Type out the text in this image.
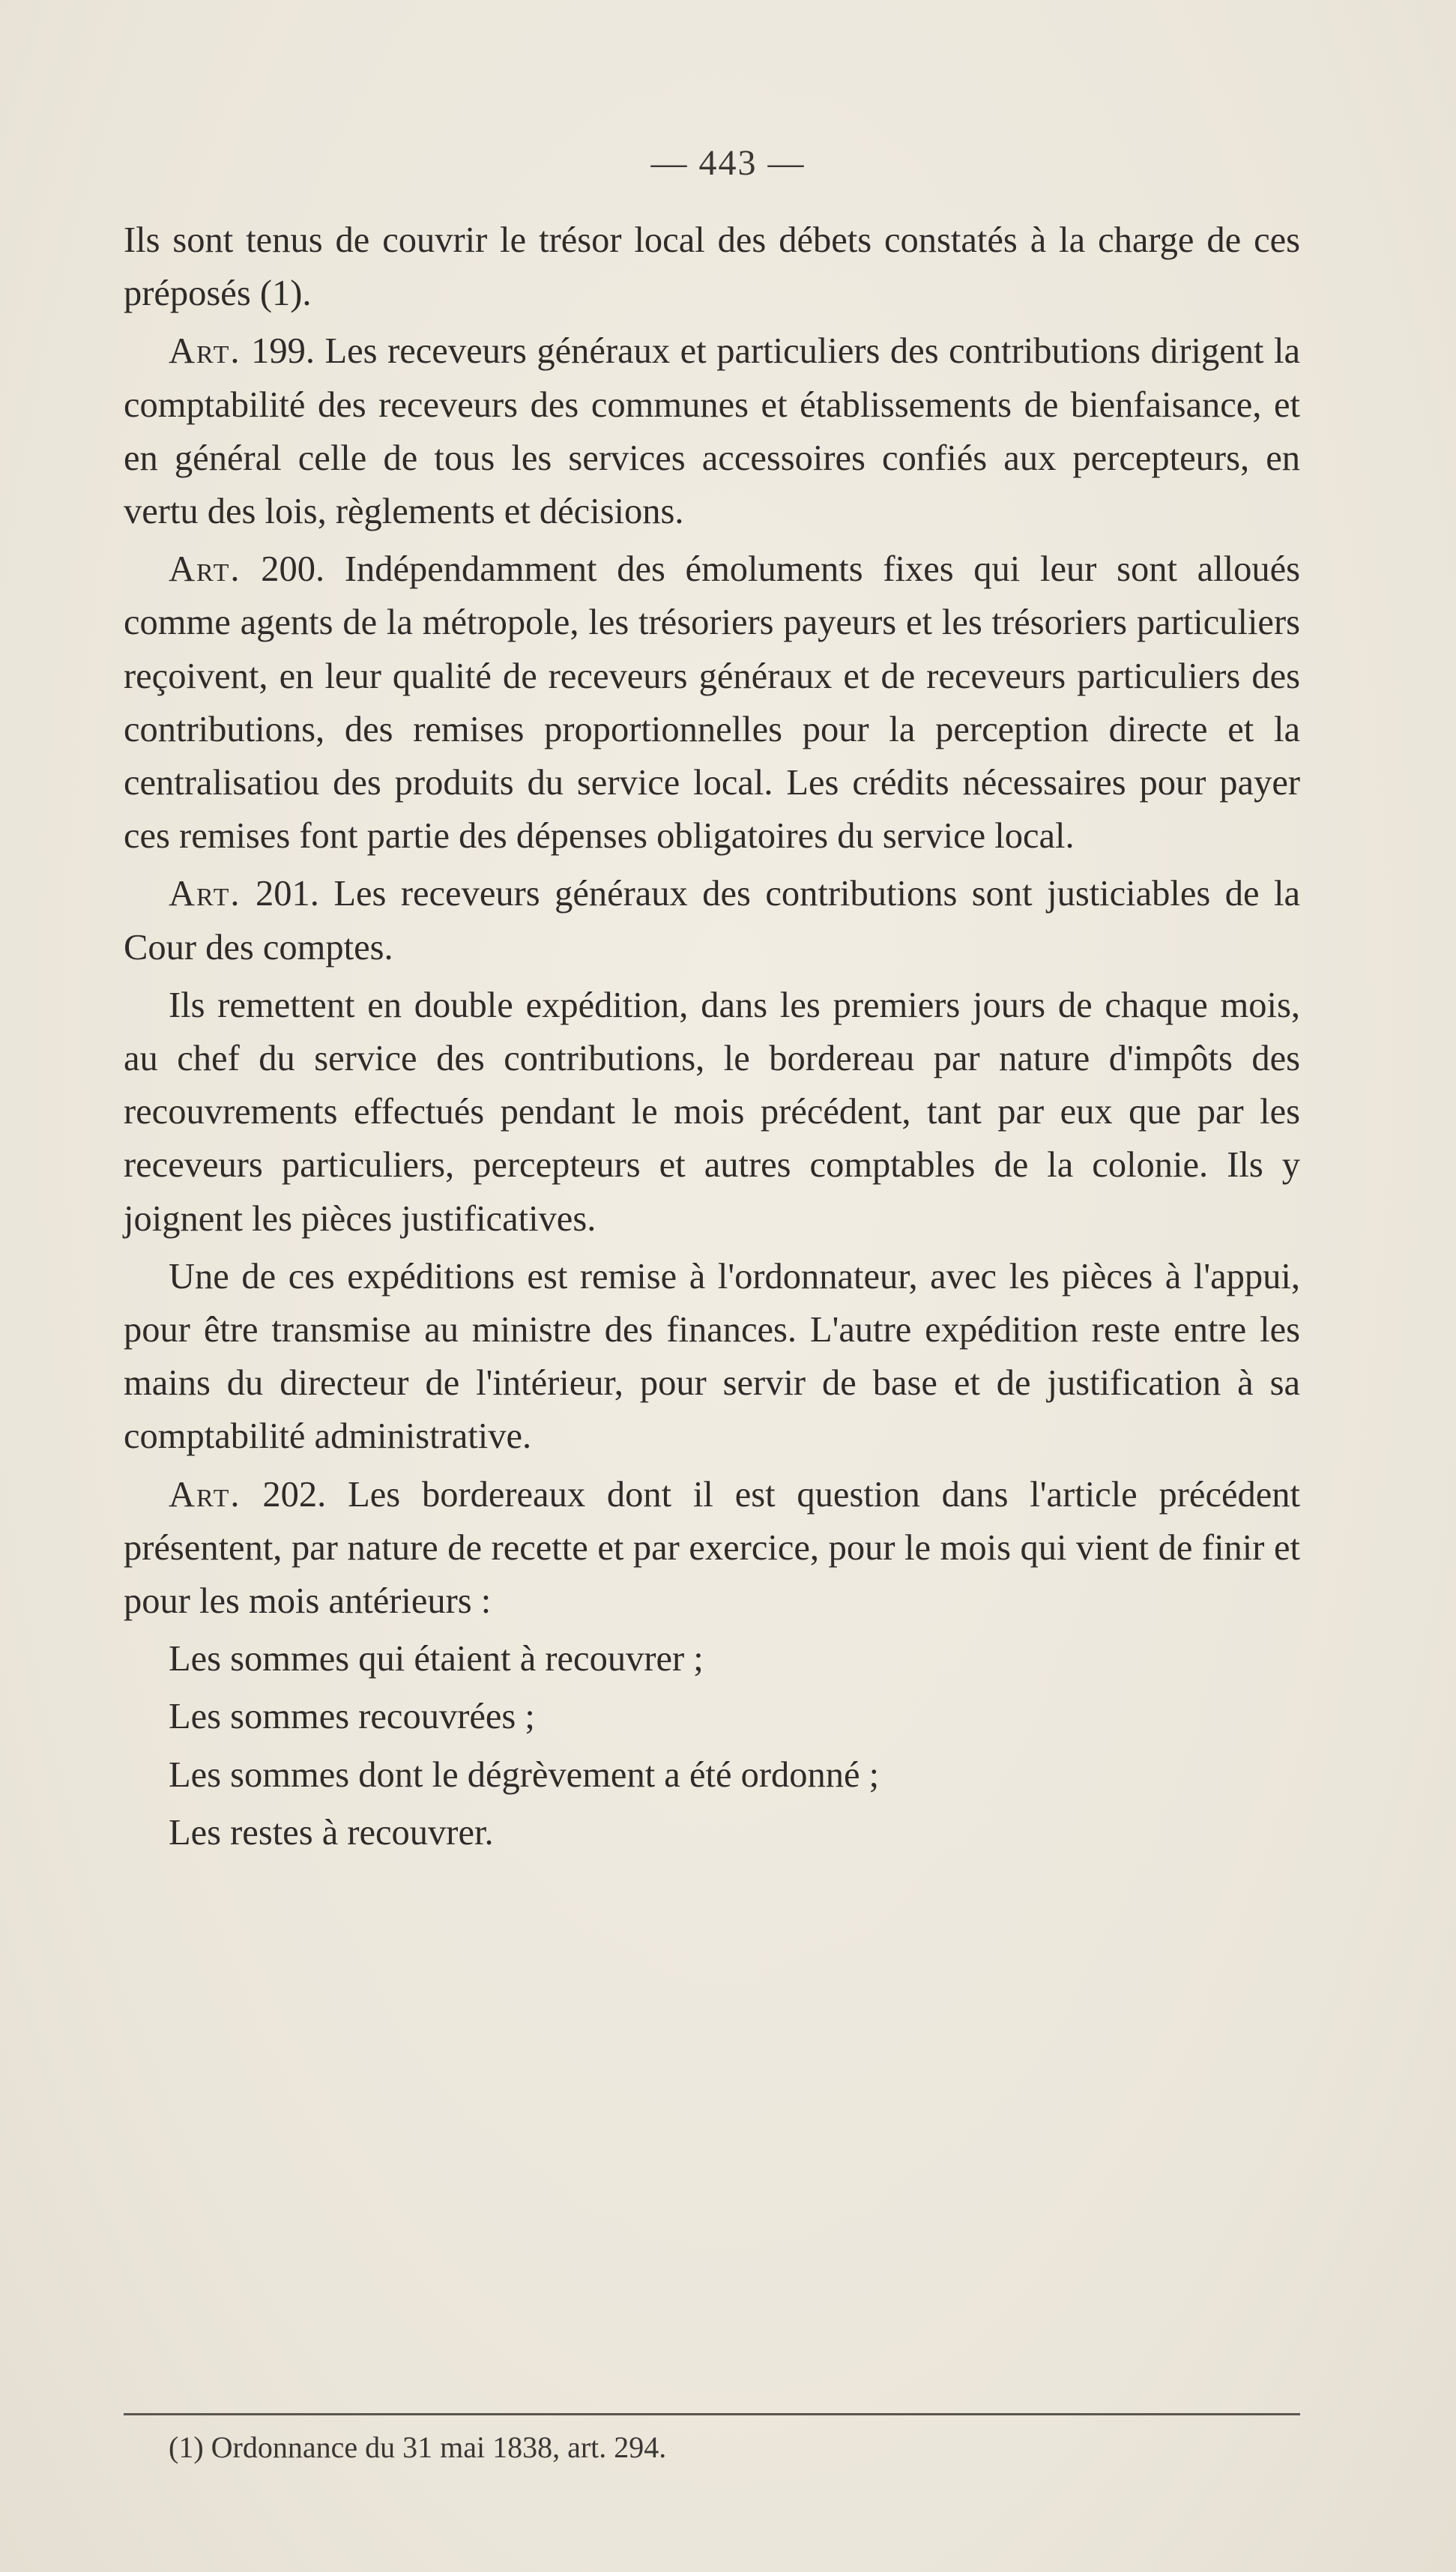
— 443 —

Ils sont tenus de couvrir le trésor local des débets constatés à la charge de ces préposés (1).

Art. 199. Les receveurs généraux et particuliers des contributions dirigent la comptabilité des receveurs des communes et établissements de bienfaisance, et en général celle de tous les services accessoires confiés aux percepteurs, en vertu des lois, règlements et décisions.

Art. 200. Indépendamment des émoluments fixes qui leur sont alloués comme agents de la métropole, les trésoriers payeurs et les trésoriers particuliers reçoivent, en leur qualité de receveurs généraux et de receveurs particuliers des contributions, des remises proportionnelles pour la perception directe et la centralisatiou des produits du service local. Les crédits nécessaires pour payer ces remises font partie des dépenses obligatoires du service local.

Art. 201. Les receveurs généraux des contributions sont justiciables de la Cour des comptes.

Ils remettent en double expédition, dans les premiers jours de chaque mois, au chef du service des contributions, le bordereau par nature d'impôts des recouvrements effectués pendant le mois précédent, tant par eux que par les receveurs particuliers, percepteurs et autres comptables de la colonie. Ils y joignent les pièces justificatives.

Une de ces expéditions est remise à l'ordonnateur, avec les pièces à l'appui, pour être transmise au ministre des finances. L'autre expédition reste entre les mains du directeur de l'intérieur, pour servir de base et de justification à sa comptabilité administrative.

Art. 202. Les bordereaux dont il est question dans l'article précédent présentent, par nature de recette et par exercice, pour le mois qui vient de finir et pour les mois antérieurs :

Les sommes qui étaient à recouvrer ;

Les sommes recouvrées ;

Les sommes dont le dégrèvement a été ordonné ;

Les restes à recouvrer.

(1) Ordonnance du 31 mai 1838, art. 294.
